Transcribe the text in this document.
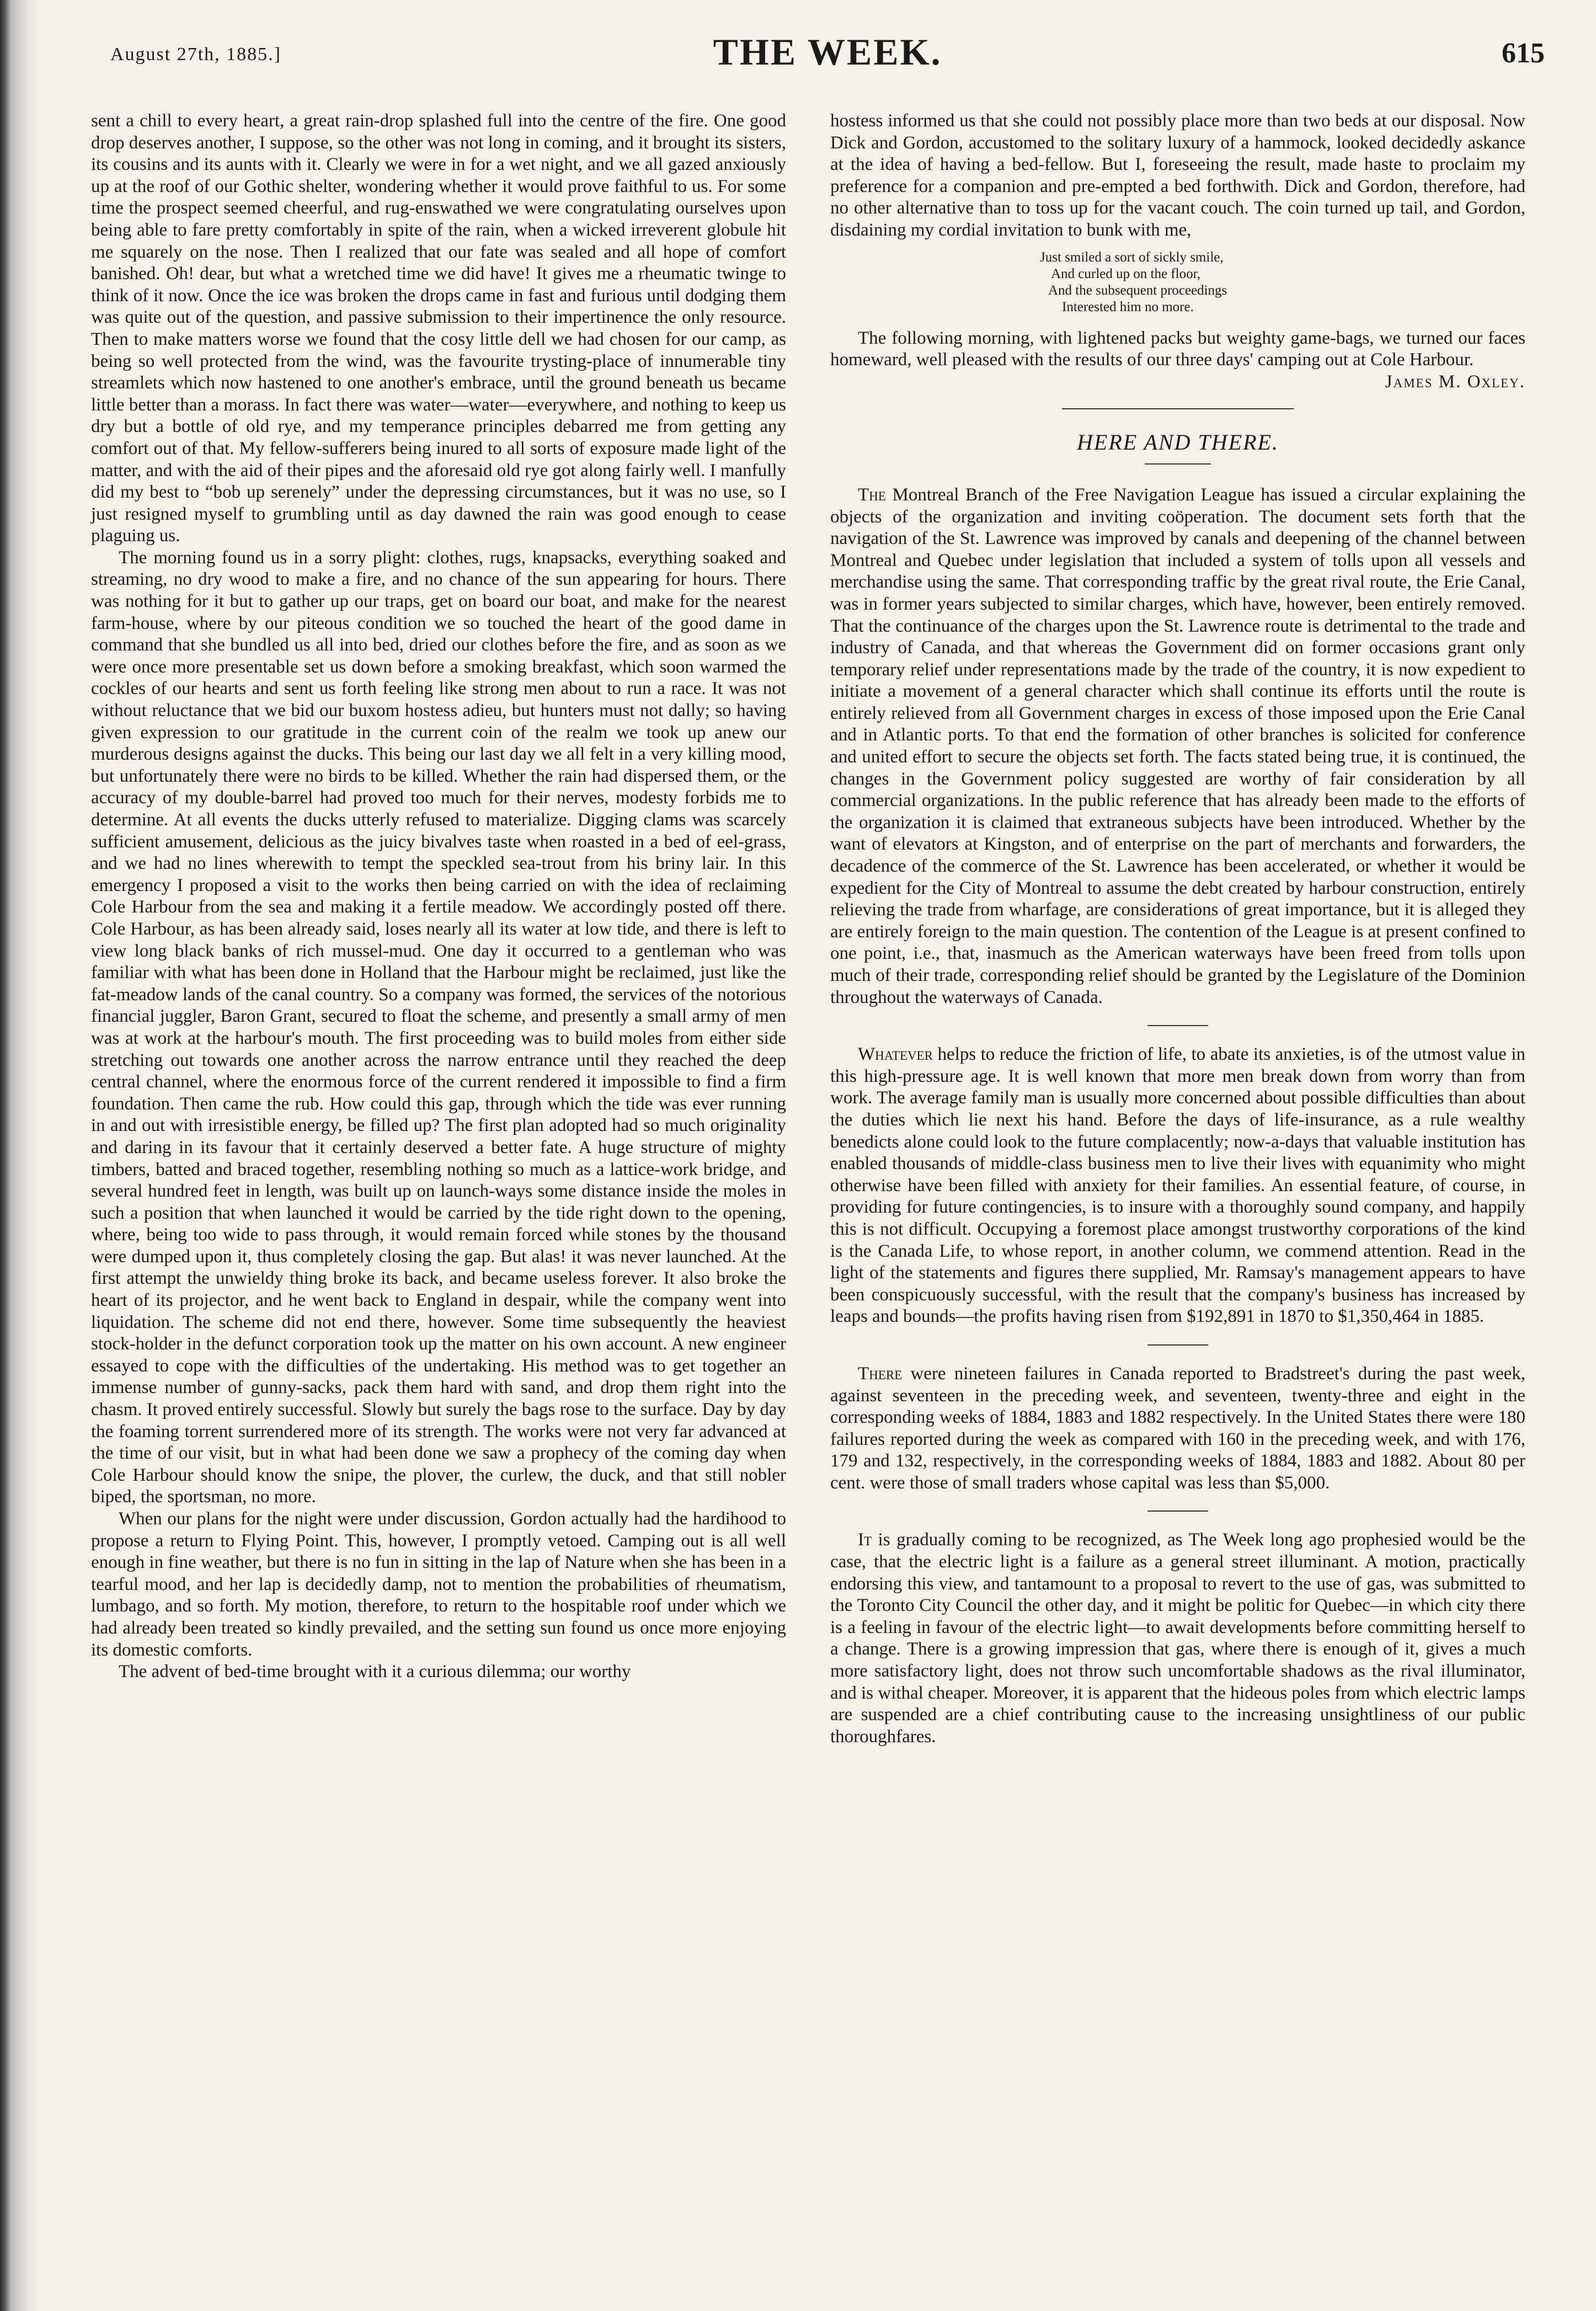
August 27th, 1885.]	THE WEEK.	615

sent a chill to every heart, a great rain-drop splashed full into the centre of the fire. One good drop deserves another, I suppose, so the other was not long in coming, and it brought its sisters, its cousins and its aunts with it. Clearly we were in for a wet night, and we all gazed anxiously up at the roof of our Gothic shelter, wondering whether it would prove faithful to us. For some time the prospect seemed cheerful, and rug-enswathed we were congratulating ourselves upon being able to fare pretty comfortably in spite of the rain, when a wicked irreverent globule hit me squarely on the nose. Then I realized that our fate was sealed and all hope of comfort banished. Oh! dear, but what a wretched time we did have! It gives me a rheumatic twinge to think of it now. Once the ice was broken the drops came in fast and furious until dodging them was quite out of the question, and passive submission to their impertinence the only resource. Then to make matters worse we found that the cosy little dell we had chosen for our camp, as being so well protected from the wind, was the favourite trysting-place of innumerable tiny streamlets which now hastened to one another's embrace, until the ground beneath us became little better than a morass. In fact there was water—water—everywhere, and nothing to keep us dry but a bottle of old rye, and my temperance principles debarred me from getting any comfort out of that. My fellow-sufferers being inured to all sorts of exposure made light of the matter, and with the aid of their pipes and the aforesaid old rye got along fairly well. I manfully did my best to “bob up serenely” under the depressing circumstances, but it was no use, so I just resigned myself to grumbling until as day dawned the rain was good enough to cease plaguing us.

The morning found us in a sorry plight: clothes, rugs, knapsacks, everything soaked and streaming, no dry wood to make a fire, and no chance of the sun appearing for hours. There was nothing for it but to gather up our traps, get on board our boat, and make for the nearest farm-house, where by our piteous condition we so touched the heart of the good dame in command that she bundled us all into bed, dried our clothes before the fire, and as soon as we were once more presentable set us down before a smoking breakfast, which soon warmed the cockles of our hearts and sent us forth feeling like strong men about to run a race. It was not without reluctance that we bid our buxom hostess adieu, but hunters must not dally; so having given expression to our gratitude in the current coin of the realm we took up anew our murderous designs against the ducks. This being our last day we all felt in a very killing mood, but unfortunately there were no birds to be killed. Whether the rain had dispersed them, or the accuracy of my double-barrel had proved too much for their nerves, modesty forbids me to determine. At all events the ducks utterly refused to materialize. Digging clams was scarcely sufficient amusement, delicious as the juicy bivalves taste when roasted in a bed of eel-grass, and we had no lines wherewith to tempt the speckled sea-trout from his briny lair. In this emergency I proposed a visit to the works then being carried on with the idea of reclaiming Cole Harbour from the sea and making it a fertile meadow. We accordingly posted off there. Cole Harbour, as has been already said, loses nearly all its water at low tide, and there is left to view long black banks of rich mussel-mud. One day it occurred to a gentleman who was familiar with what has been done in Holland that the Harbour might be reclaimed, just like the fat-meadow lands of the canal country. So a company was formed, the services of the notorious financial juggler, Baron Grant, secured to float the scheme, and presently a small army of men was at work at the harbour's mouth. The first proceeding was to build moles from either side stretching out towards one another across the narrow entrance until they reached the deep central channel, where the enormous force of the current rendered it impossible to find a firm foundation. Then came the rub. How could this gap, through which the tide was ever running in and out with irresistible energy, be filled up? The first plan adopted had so much originality and daring in its favour that it certainly deserved a better fate. A huge structure of mighty timbers, batted and braced together, resembling nothing so much as a lattice-work bridge, and several hundred feet in length, was built up on launch-ways some distance inside the moles in such a position that when launched it would be carried by the tide right down to the opening, where, being too wide to pass through, it would remain forced while stones by the thousand were dumped upon it, thus completely closing the gap. But alas! it was never launched. At the first attempt the unwieldy thing broke its back, and became useless forever. It also broke the heart of its projector, and he went back to England in despair, while the company went into liquidation. The scheme did not end there, however. Some time subsequently the heaviest stock-holder in the defunct corporation took up the matter on his own account. A new engineer essayed to cope with the difficulties of the undertaking. His method was to get together an immense number of gunny-sacks, pack them hard with sand, and drop them right into the chasm. It proved entirely successful. Slowly but surely the bags rose to the surface. Day by day the foaming torrent surrendered more of its strength. The works were not very far advanced at the time of our visit, but in what had been done we saw a prophecy of the coming day when Cole Harbour should know the snipe, the plover, the curlew, the duck, and that still nobler biped, the sportsman, no more.

When our plans for the night were under discussion, Gordon actually had the hardihood to propose a return to Flying Point. This, however, I promptly vetoed. Camping out is all well enough in fine weather, but there is no fun in sitting in the lap of Nature when she has been in a tearful mood, and her lap is decidedly damp, not to mention the probabilities of rheumatism, lumbago, and so forth. My motion, therefore, to return to the hospitable roof under which we had already been treated so kindly prevailed, and the setting sun found us once more enjoying its domestic comforts.

The advent of bed-time brought with it a curious dilemma; our worthy

hostess informed us that she could not possibly place more than two beds at our disposal. Now Dick and Gordon, accustomed to the solitary luxury of a hammock, looked decidedly askance at the idea of having a bed-fellow. But I, foreseeing the result, made haste to proclaim my preference for a companion and pre-empted a bed forthwith. Dick and Gordon, therefore, had no other alternative than to toss up for the vacant couch. The coin turned up tail, and Gordon, disdaining my cordial invitation to bunk with me,

Just smiled a sort of sickly smile,
And curled up on the floor,
And the subsequent proceedings
Interested him no more.

The following morning, with lightened packs but weighty game-bags, we turned our faces homeward, well pleased with the results of our three days' camping out at Cole Harbour.

James M. Oxley.
HERE AND THERE.

The Montreal Branch of the Free Navigation League has issued a circular explaining the objects of the organization and inviting coöperation. The document sets forth that the navigation of the St. Lawrence was improved by canals and deepening of the channel between Montreal and Quebec under legislation that included a system of tolls upon all vessels and merchandise using the same. That corresponding traffic by the great rival route, the Erie Canal, was in former years subjected to similar charges, which have, however, been entirely removed. That the continuance of the charges upon the St. Lawrence route is detrimental to the trade and industry of Canada, and that whereas the Government did on former occasions grant only temporary relief under representations made by the trade of the country, it is now expedient to initiate a movement of a general character which shall continue its efforts until the route is entirely relieved from all Government charges in excess of those imposed upon the Erie Canal and in Atlantic ports. To that end the formation of other branches is solicited for conference and united effort to secure the objects set forth. The facts stated being true, it is continued, the changes in the Government policy suggested are worthy of fair consideration by all commercial organizations. In the public reference that has already been made to the efforts of the organization it is claimed that extraneous subjects have been introduced. Whether by the want of elevators at Kingston, and of enterprise on the part of merchants and forwarders, the decadence of the commerce of the St. Lawrence has been accelerated, or whether it would be expedient for the City of Montreal to assume the debt created by harbour construction, entirely relieving the trade from wharfage, are considerations of great importance, but it is alleged they are entirely foreign to the main question. The contention of the League is at present confined to one point, i.e., that, inasmuch as the American waterways have been freed from tolls upon much of their trade, corresponding relief should be granted by the Legislature of the Dominion throughout the waterways of Canada.

Whatever helps to reduce the friction of life, to abate its anxieties, is of the utmost value in this high-pressure age. It is well known that more men break down from worry than from work. The average family man is usually more concerned about possible difficulties than about the duties which lie next his hand. Before the days of life-insurance, as a rule wealthy benedicts alone could look to the future complacently; now-a-days that valuable institution has enabled thousands of middle-class business men to live their lives with equanimity who might otherwise have been filled with anxiety for their families. An essential feature, of course, in providing for future contingencies, is to insure with a thoroughly sound company, and happily this is not difficult. Occupying a foremost place amongst trustworthy corporations of the kind is the Canada Life, to whose report, in another column, we commend attention. Read in the light of the statements and figures there supplied, Mr. Ramsay's management appears to have been conspicuously successful, with the result that the company's business has increased by leaps and bounds—the profits having risen from $192,891 in 1870 to $1,350,464 in 1885.

There were nineteen failures in Canada reported to Bradstreet's during the past week, against seventeen in the preceding week, and seventeen, twenty-three and eight in the corresponding weeks of 1884, 1883 and 1882 respectively. In the United States there were 180 failures reported during the week as compared with 160 in the preceding week, and with 176, 179 and 132, respectively, in the corresponding weeks of 1884, 1883 and 1882. About 80 per cent. were those of small traders whose capital was less than $5,000.

It is gradually coming to be recognized, as The Week long ago prophesied would be the case, that the electric light is a failure as a general street illuminant. A motion, practically endorsing this view, and tantamount to a proposal to revert to the use of gas, was submitted to the Toronto City Council the other day, and it might be politic for Quebec—in which city there is a feeling in favour of the electric light—to await developments before committing herself to a change. There is a growing impression that gas, where there is enough of it, gives a much more satisfactory light, does not throw such uncomfortable shadows as the rival illuminator, and is withal cheaper. Moreover, it is apparent that the hideous poles from which electric lamps are suspended are a chief contributing cause to the increasing unsightliness of our public thoroughfares.
